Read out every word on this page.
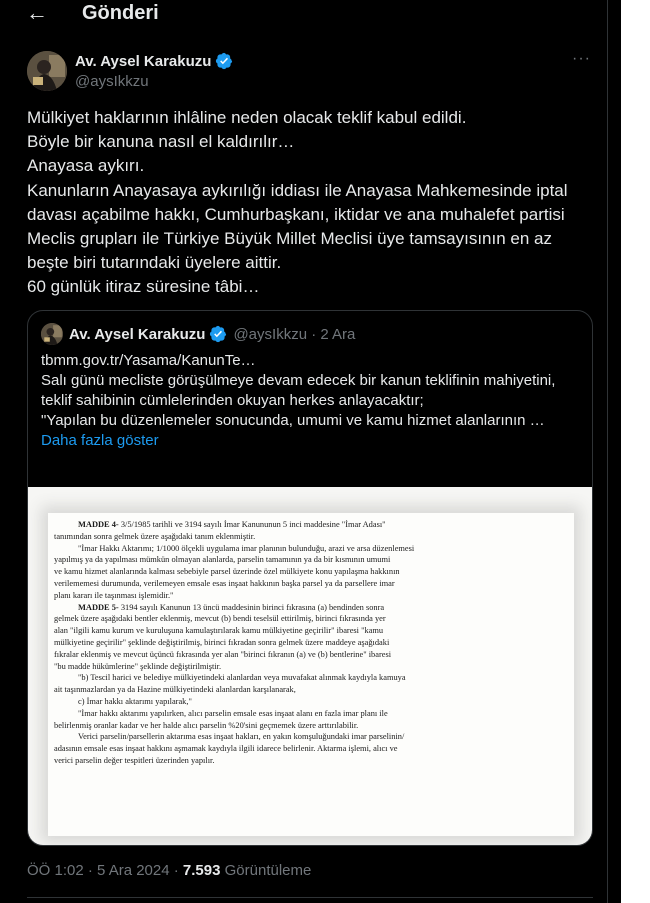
← Gönderi
Av. Aysel Karakuzu
@aysIkkzu
···
Mülkiyet haklarının ihlâline neden olacak teklif kabul edildi.
Böyle bir kanuna nasıl el kaldırılır…
Anayasa aykırı.
Kanunların Anayasaya aykırılığı iddiası ile Anayasa Mahkemesinde iptal
davası açabilme hakkı, Cumhurbaşkanı, iktidar ve ana muhalefet partisi
Meclis grupları ile Türkiye Büyük Millet Meclisi üye tamsayısının en az
beşte biri tutarındaki üyelere aittir.
60 günlük itiraz süresine tâbi…
Av. Aysel Karakuzu @aysIkkzu · 2 Ara
tbmm.gov.tr/Yasama/KanunTe…
Salı günü mecliste görüşülmeye devam edecek bir kanun teklifinin mahiyetini,
teklif sahibinin cümlelerinden okuyan herkes anlayacaktır;
"Yapılan bu düzenlemeler sonucunda, umumi ve kamu hizmet alanlarının …
Daha fazla göster
MADDE 4- 3/5/1985 tarihli ve 3194 sayılı İmar Kanununun 5 inci maddesine "İmar Adası"
tanımından sonra gelmek üzere aşağıdaki tanım eklenmiştir.
"İmar Hakkı Aktarımı; 1/1000 ölçekli uygulama imar planının bulunduğu, arazi ve arsa düzenlemesi
yapılmış ya da yapılması mümkün olmayan alanlarda, parselin tamamının ya da bir kısmının umumi
ve kamu hizmet alanlarında kalması sebebiyle parsel üzerinde özel mülkiyete konu yapılaşma hakkının
verilememesi durumunda, verilemeyen emsale esas inşaat hakkının başka parsel ya da parsellere imar
planı kararı ile taşınması işlemidir."
MADDE 5- 3194 sayılı Kanunun 13 üncü maddesinin birinci fıkrasına (a) bendinden sonra
gelmek üzere aşağıdaki bentler eklenmiş, mevcut (b) bendi teselsül ettirilmiş, birinci fıkrasında yer
alan "ilgili kamu kurum ve kuruluşuna kamulaştırılarak kamu mülkiyetine geçirilir" ibaresi "kamu
mülkiyetine geçirilir" şeklinde değiştirilmiş, birinci fıkradan sonra gelmek üzere maddeye aşağıdaki
fıkralar eklenmiş ve mevcut üçüncü fıkrasında yer alan "birinci fıkranın (a) ve (b) bentlerine" ibaresi
"bu madde hükümlerine" şeklinde değiştirilmiştir.
"b) Tescil harici ve belediye mülkiyetindeki alanlardan veya muvafakat alınmak kaydıyla kamuya
ait taşınmazlardan ya da Hazine mülkiyetindeki alanlardan karşılanarak,
c) İmar hakkı aktarımı yapılarak,"
"İmar hakkı aktarımı yapılırken, alıcı parselin emsale esas inşaat alanı en fazla imar planı ile
belirlenmiş oranlar kadar ve her halde alıcı parselin %20'sini geçmemek üzere arttırılabilir.
Verici parselin/parsellerin aktarıma esas inşaat hakları, en yakın komşuluğundaki imar parselinin/
adasının emsale esas inşaat hakkını aşmamak kaydıyla ilgili idarece belirlenir. Aktarma işlemi, alıcı ve
verici parselin değer tespitleri üzerinden yapılır.
ÖÖ 1:02 · 5 Ara 2024 · 7.593 Görüntüleme
